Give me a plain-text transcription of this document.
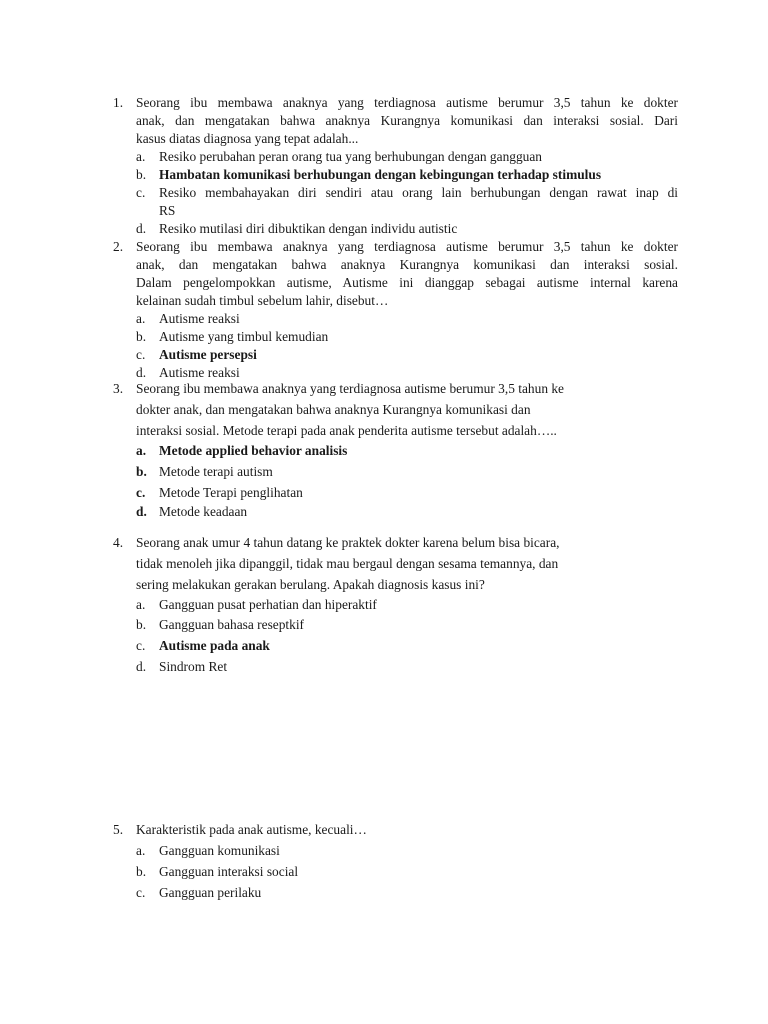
1. Seorang ibu membawa anaknya yang terdiagnosa autisme berumur 3,5 tahun ke dokter
anak, dan mengatakan bahwa anaknya Kurangnya komunikasi dan interaksi sosial. Dari
kasus diatas diagnosa yang tepat adalah...
a. Resiko perubahan peran orang tua yang berhubungan dengan gangguan
b. Hambatan komunikasi berhubungan dengan kebingungan terhadap stimulus
c. Resiko membahayakan diri sendiri atau orang lain berhubungan dengan rawat inap di
RS
d. Resiko mutilasi diri dibuktikan dengan individu autistic
2. Seorang ibu membawa anaknya yang terdiagnosa autisme berumur 3,5 tahun ke dokter
anak, dan mengatakan bahwa anaknya Kurangnya komunikasi dan interaksi sosial.
Dalam pengelompokkan autisme, Autisme ini dianggap sebagai autisme internal karena
kelainan sudah timbul sebelum lahir, disebut…
a. Autisme reaksi
b. Autisme yang timbul kemudian
c. Autisme persepsi
d. Autisme reaksi
3. Seorang ibu membawa anaknya yang terdiagnosa autisme berumur 3,5 tahun ke
dokter anak, dan mengatakan bahwa anaknya Kurangnya komunikasi dan
interaksi sosial. Metode terapi pada anak penderita autisme tersebut adalah…..
a. Metode applied behavior analisis
b. Metode terapi autism
c. Metode Terapi penglihatan
d. Metode keadaan
4. Seorang anak umur 4 tahun datang ke praktek dokter karena belum bisa bicara,
tidak menoleh jika dipanggil, tidak mau bergaul dengan sesama temannya, dan
sering melakukan gerakan berulang. Apakah diagnosis kasus ini?
a. Gangguan pusat perhatian dan hiperaktif
b. Gangguan bahasa reseptkif
c. Autisme pada anak
d. Sindrom Ret
5. Karakteristik pada anak autisme, kecuali…
a. Gangguan komunikasi
b. Gangguan interaksi social
c. Gangguan perilaku
